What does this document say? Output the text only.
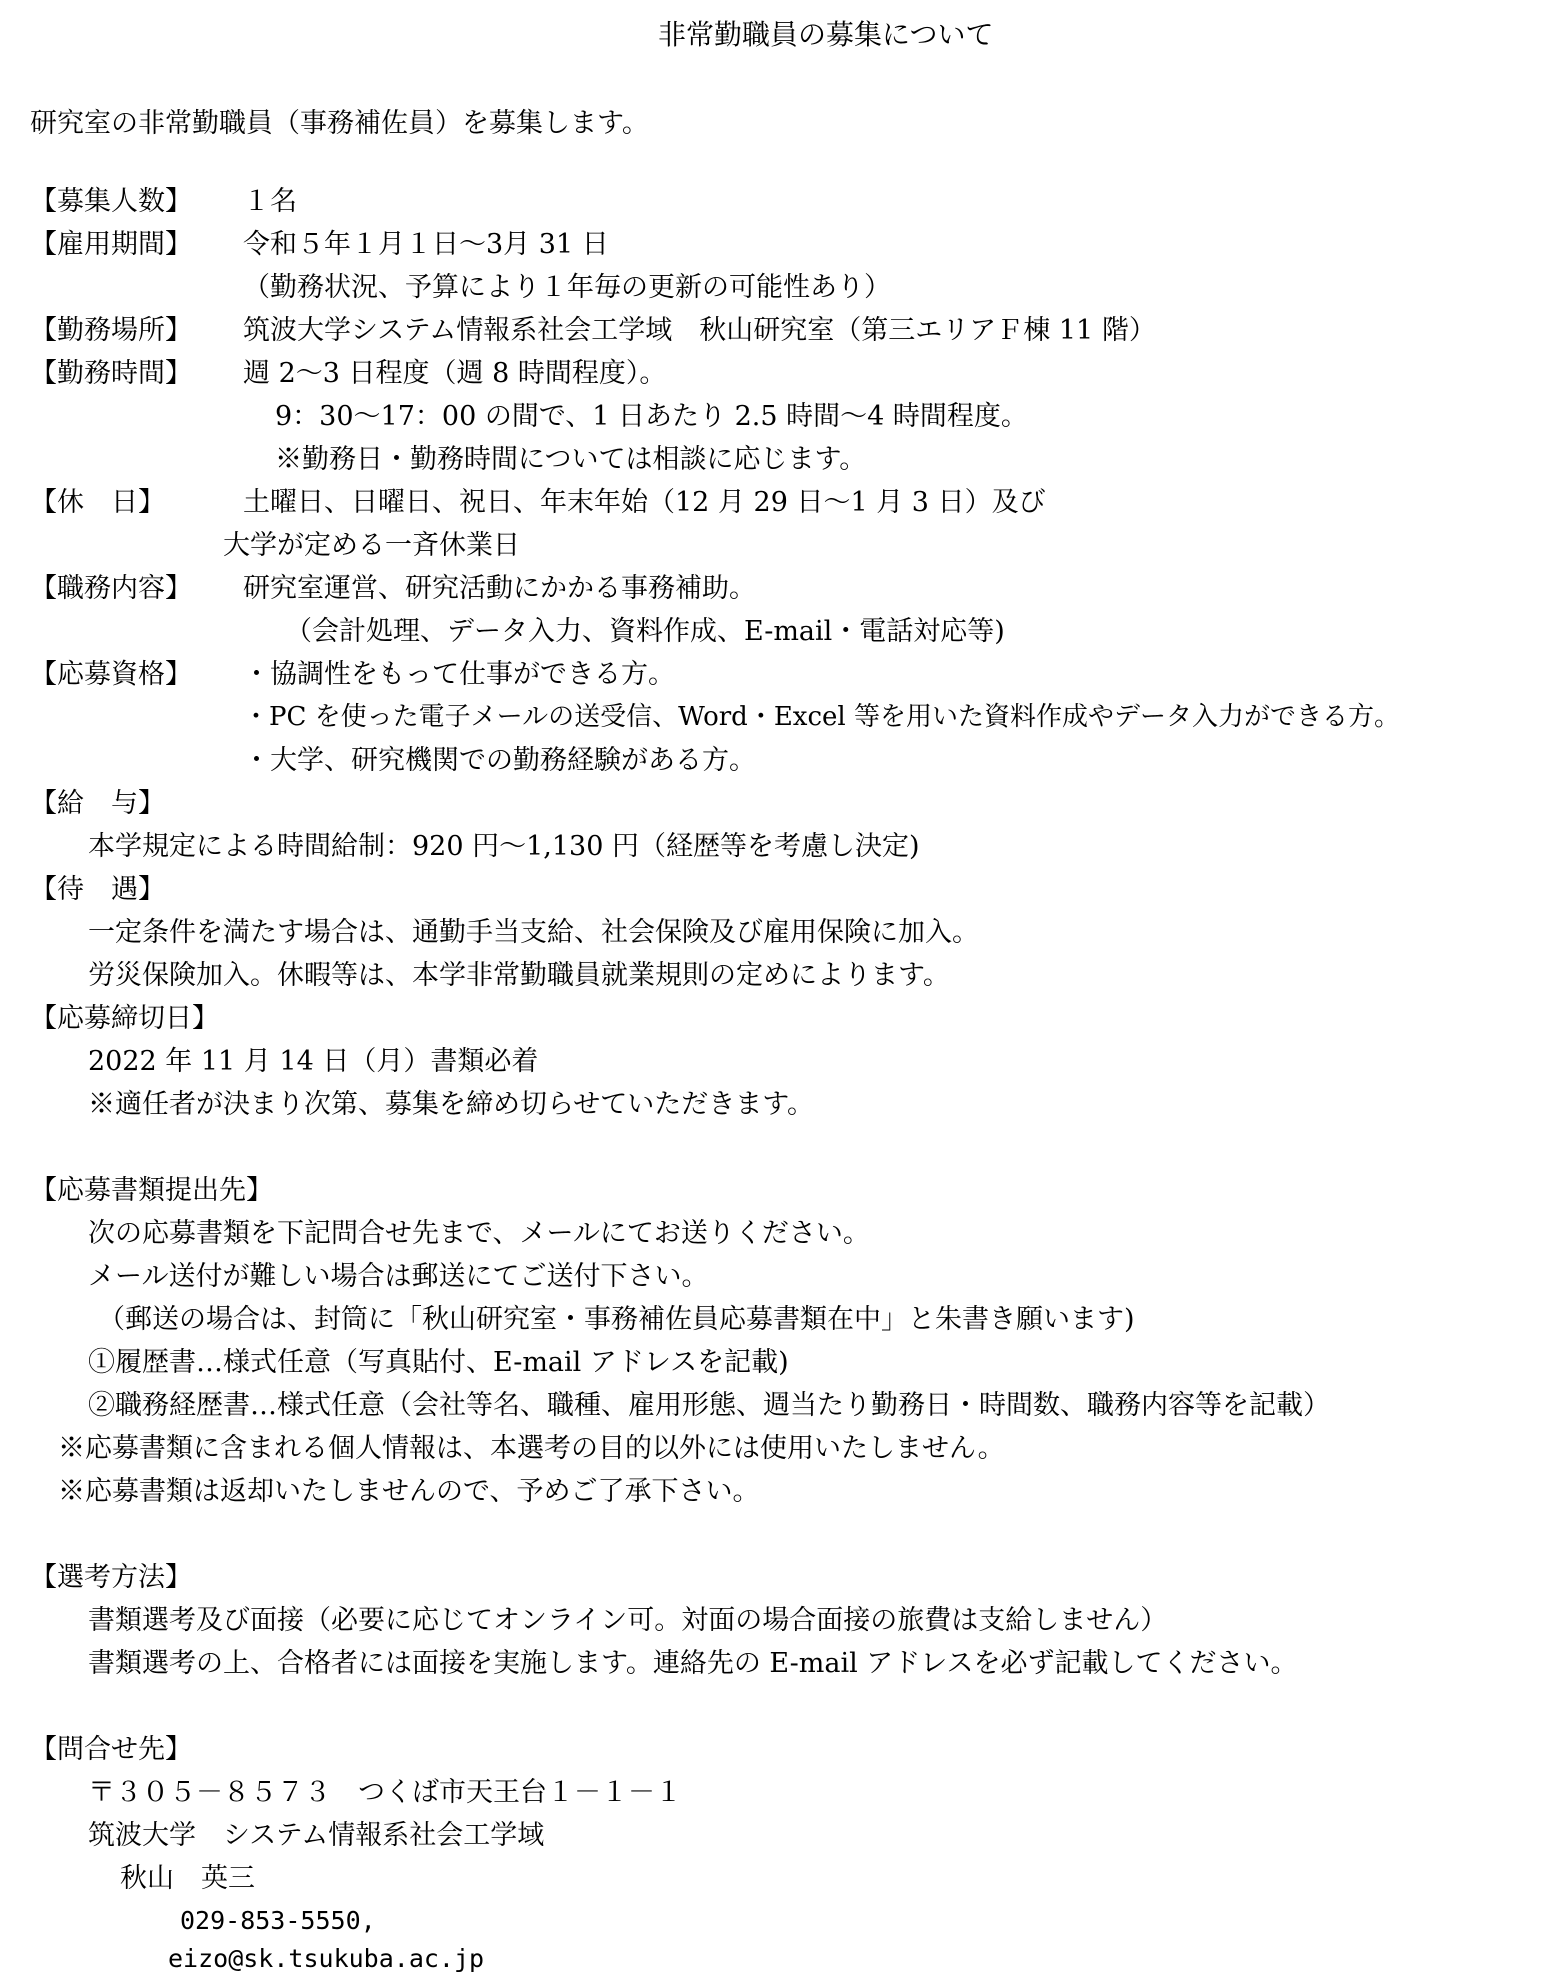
非常勤職員の募集について
研究室の非常勤職員（事務補佐員）を募集します。
【募集人数】 １名
【雇用期間】 令和５年１月１日～3月 31 日
（勤務状況、予算により１年毎の更新の可能性あり）
【勤務場所】 筑波大学システム情報系社会工学域　秋山研究室（第三エリアＦ棟 11 階）
【勤務時間】 週 2～3 日程度（週 8 時間程度）。
9：30～17：00 の間で、1 日あたり 2.5 時間～4 時間程度。
※勤務日・勤務時間については相談に応じます。
【休　日】	土曜日、日曜日、祝日、年末年始（12 月 29 日～1 月 3 日）及び
大学が定める一斉休業日
【職務内容】 研究室運営、研究活動にかかる事務補助。
（会計処理、データ入力、資料作成、E-mail・電話対応等)
【応募資格】 ・協調性をもって仕事ができる方。
・PC を使った電子メールの送受信、Word・Excel 等を用いた資料作成やデータ入力ができる方。
・大学、研究機関での勤務経験がある方。
【給　与】
本学規定による時間給制：920 円～1,130 円（経歴等を考慮し決定)
【待　遇】
一定条件を満たす場合は、通勤手当支給、社会保険及び雇用保険に加入。
労災保険加入。休暇等は、本学非常勤職員就業規則の定めによります。
【応募締切日】
2022 年 11 月 14 日（月）書類必着
※適任者が決まり次第、募集を締め切らせていただきます。
【応募書類提出先】
次の応募書類を下記問合せ先まで、メールにてお送りください。
メール送付が難しい場合は郵送にてご送付下さい。
（郵送の場合は、封筒に「秋山研究室・事務補佐員応募書類在中」と朱書き願います)
①履歴書…様式任意（写真貼付、E-mail アドレスを記載)
②職務経歴書…様式任意（会社等名、職種、雇用形態、週当たり勤務日・時間数、職務内容等を記載）
※応募書類に含まれる個人情報は、本選考の目的以外には使用いたしません。
※応募書類は返却いたしませんので、予めご了承下さい。
【選考方法】
書類選考及び面接（必要に応じてオンライン可。対面の場合面接の旅費は支給しません）
書類選考の上、合格者には面接を実施します。連絡先の E-mail アドレスを必ず記載してください。
【問合せ先】
〒３０５－８５７３　つくば市天王台１－１－１
筑波大学　システム情報系社会工学域
秋山　英三
029-853-5550,
eizo@sk.tsukuba.ac.jp
